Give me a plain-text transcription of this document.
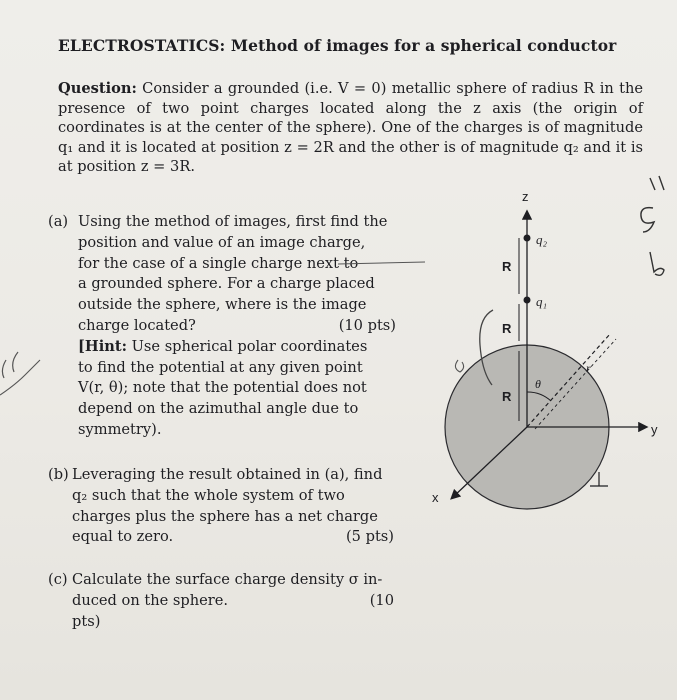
ELECTROSTATICS: Method of images for a spherical conductor
Question: Consider a grounded (i.e. V = 0) metallic sphere of radius R in the presence of two point charges located along the z axis (the origin of coordinates is at the center of the sphere). One of the charges is of magnitude q₁ and it is located at position z = 2R and the other is of magnitude q₂ and it is at position z = 3R.
(a) Using the method of images, first find the
position and value of an image charge,
for the case of a single charge next to
a grounded sphere. For a charge placed
outside the sphere, where is the image
charge located?	(10 pts)
[Hint: Use spherical polar coordinates
to find the potential at any given point
V(r, θ); note that the potential does not
depend on the azimuthal angle due to
symmetry).
(b) Leveraging the result obtained in (a), find
q₂ such that the whole system of two
charges plus the sphere has a net charge
equal to zero.	(5 pts)
(c) Calculate the surface charge density σ in-
duced on the sphere.	(10
pts)
z
y
x
q₂
q₁
R
R
R
θ
r
